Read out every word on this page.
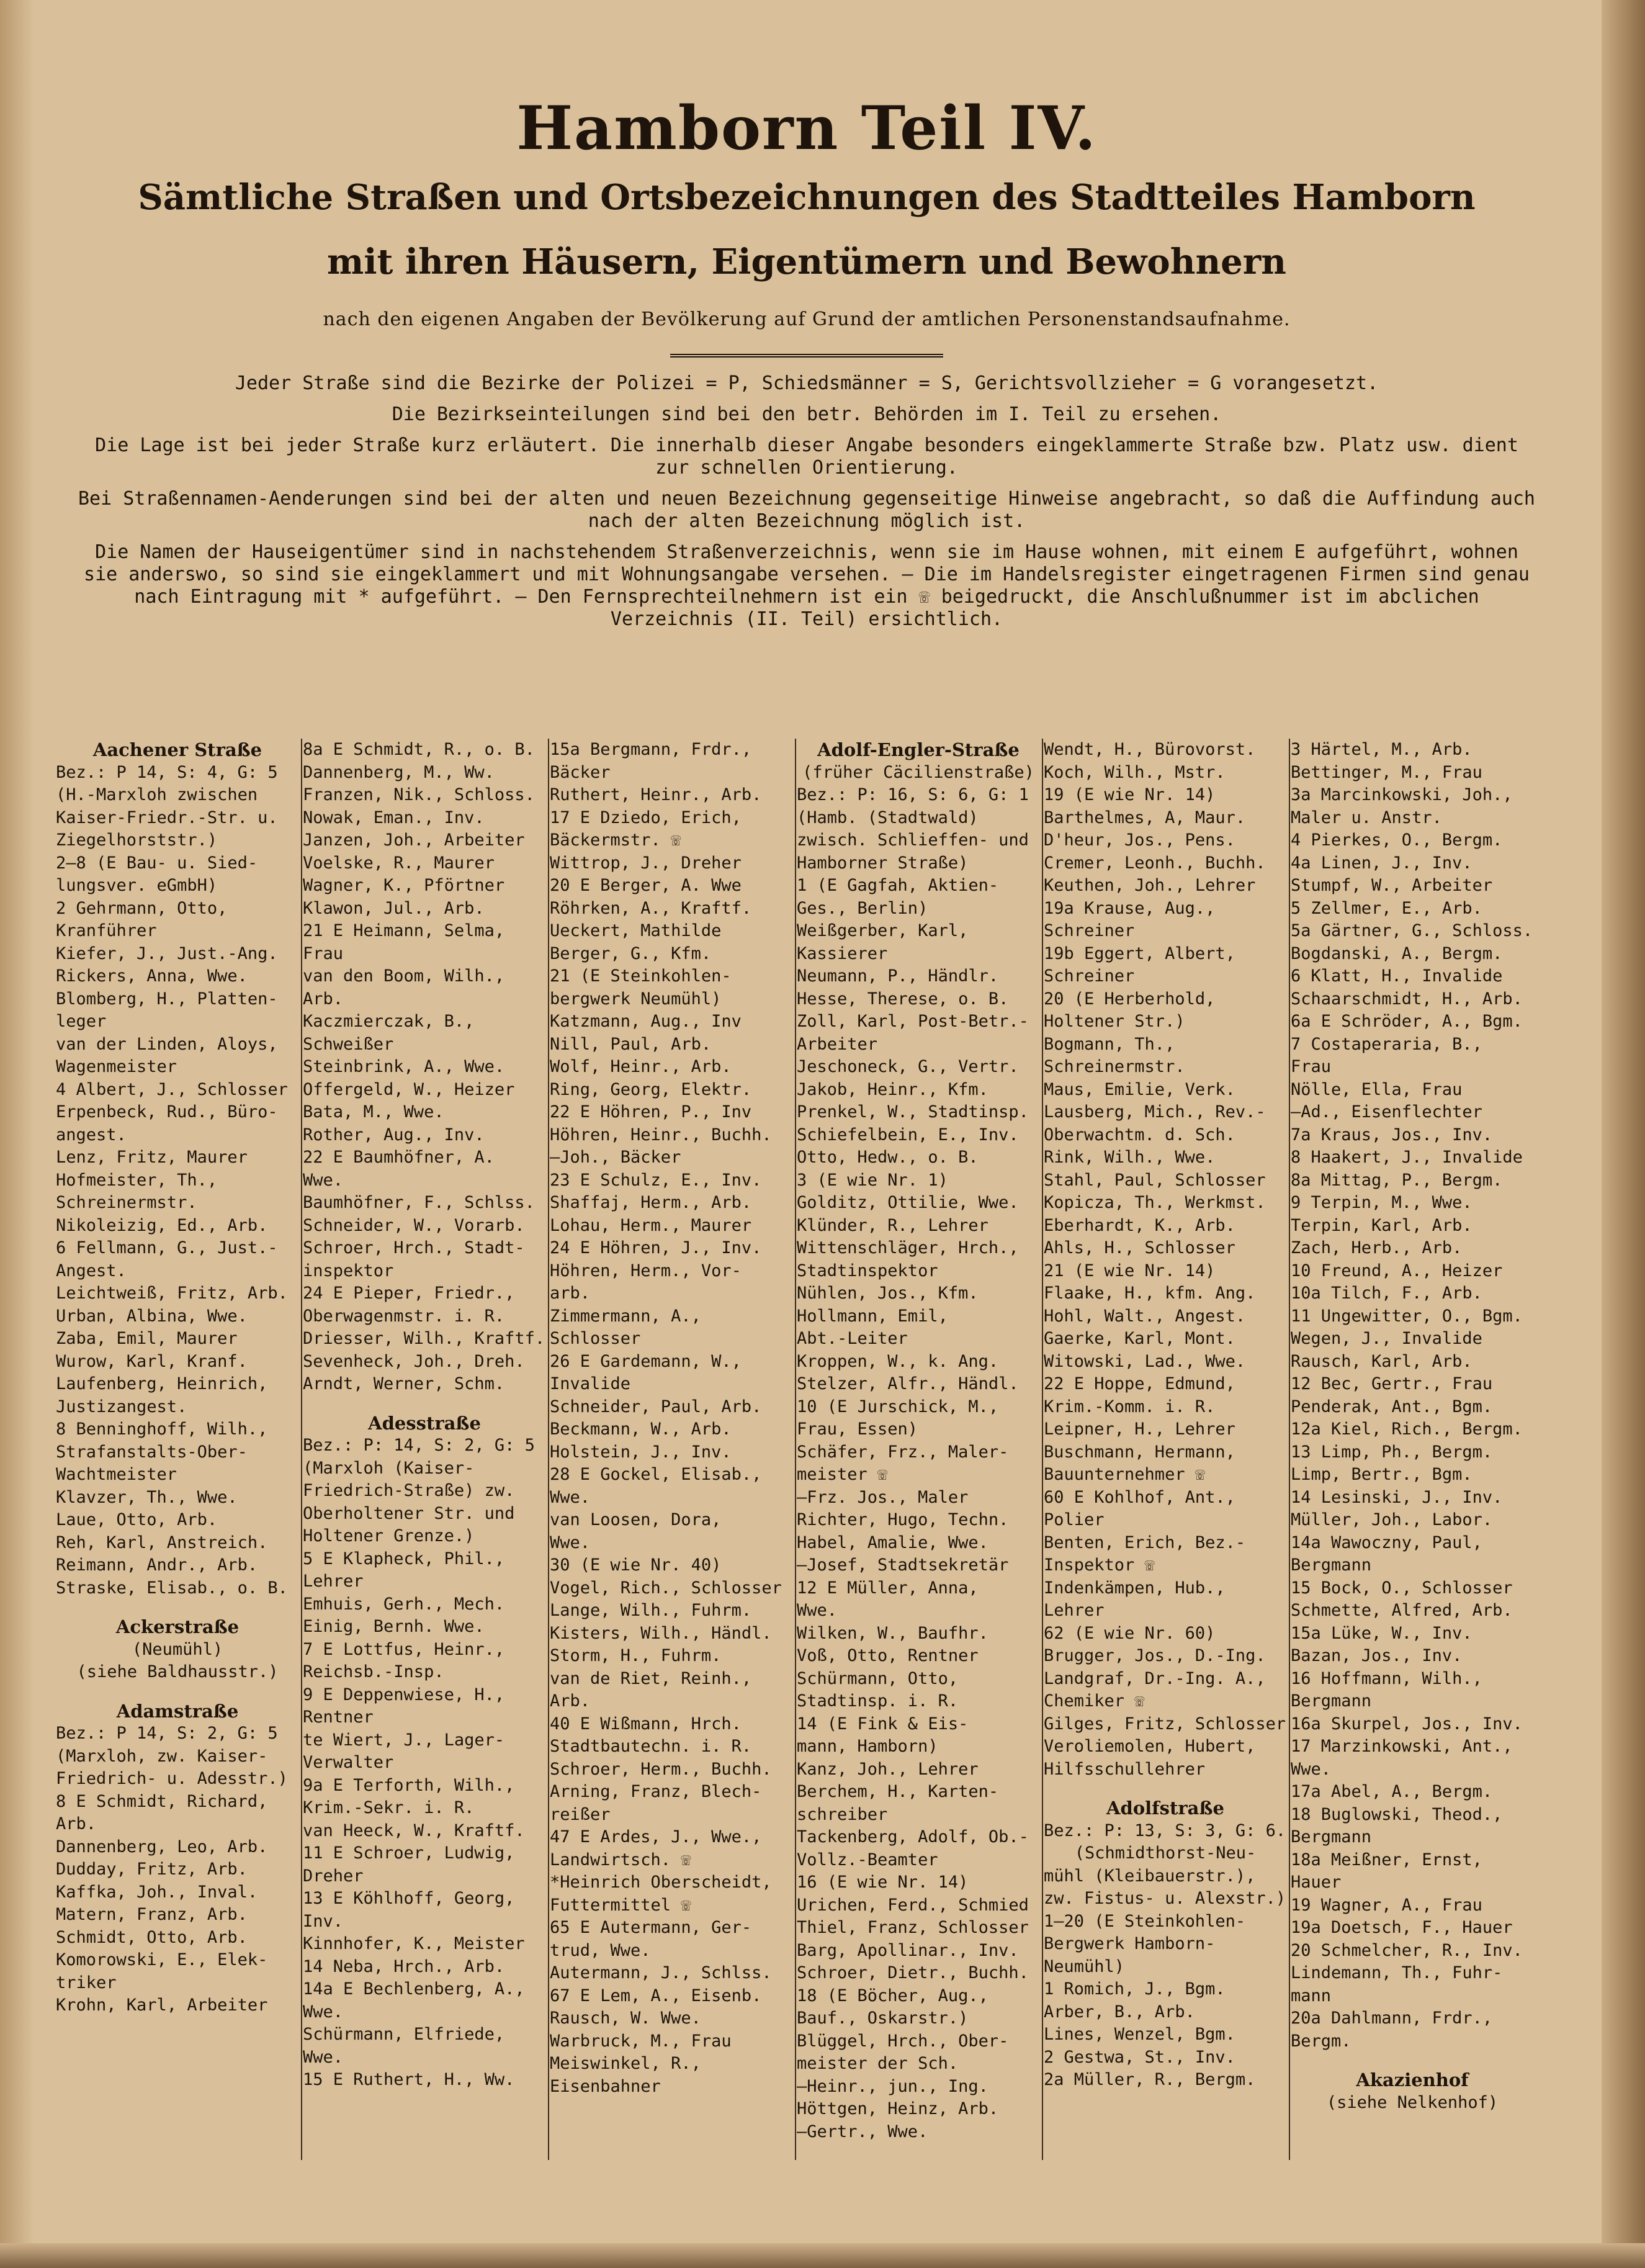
Hamborn Teil IV.
Sämtliche Straßen und Ortsbezeichnungen des Stadtteiles Hamborn
mit ihren Häusern, Eigentümern und Bewohnern
nach den eigenen Angaben der Bevölkerung auf Grund der amtlichen Personenstandsaufnahme.
Jeder Straße sind die Bezirke der Polizei = P, Schiedsmänner = S, Gerichtsvollzieher = G vorangesetzt.
Die Bezirkseinteilungen sind bei den betr. Behörden im I. Teil zu ersehen.
Die Lage ist bei jeder Straße kurz erläutert. Die innerhalb dieser Angabe besonders eingeklammerte Straße bzw. Platz usw. dient zur schnellen Orientierung.
Bei Straßennamen-Aenderungen sind bei der alten und neuen Bezeichnung gegenseitige Hinweise angebracht, so daß die Auffindung auch nach der alten Bezeichnung möglich ist.
Die Namen der Hauseigentümer sind in nachstehendem Straßenverzeichnis, wenn sie im Hause wohnen, mit einem E aufgeführt, wohnen sie anderswo, so sind sie eingeklammert und mit Wohnungsangabe versehen. — Die im Handelsregister eingetragenen Firmen sind genau nach Eintragung mit * aufgeführt. — Den Fernsprechteilnehmern ist ein ☏ beigedruckt, die Anschlußnummer ist im abclichen Verzeichnis (II. Teil) ersichtlich.
Aachener Straße
Bez.: P 14, S: 4, G: 5
(H.-Marxloh zwischen
Kaiser-Friedr.-Str. u.
Ziegelhorststr.)
2—8 (E Bau- u. Sied-
lungsver. eGmbH)
2 Gehrmann, Otto,
Kranführer
Kiefer, J., Just.-Ang.
Rickers, Anna, Wwe.
Blomberg, H., Platten-
leger
van der Linden, Aloys,
Wagenmeister
4 Albert, J., Schlosser
Erpenbeck, Rud., Büro-
angest.
Lenz, Fritz, Maurer
Hofmeister, Th.,
Schreinermstr.
Nikoleizig, Ed., Arb.
6 Fellmann, G., Just.-
Angest.
Leichtweiß, Fritz, Arb.
Urban, Albina, Wwe.
Zaba, Emil, Maurer
Wurow, Karl, Kranf.
Laufenberg, Heinrich,
Justizangest.
8 Benninghoff, Wilh.,
Strafanstalts-Ober-
Wachtmeister
Klavzer, Th., Wwe.
Laue, Otto, Arb.
Reh, Karl, Anstreich.
Reimann, Andr., Arb.
Straske, Elisab., o. B.
Ackerstraße
(Neumühl)
(siehe Baldhausstr.)
Adamstraße
Bez.: P 14, S: 2, G: 5
(Marxloh, zw. Kaiser-
Friedrich- u. Adesstr.)
8 E Schmidt, Richard,
Arb.
Dannenberg, Leo, Arb.
Dudday, Fritz, Arb.
Kaffka, Joh., Inval.
Matern, Franz, Arb.
Schmidt, Otto, Arb.
Komorowski, E., Elek-
triker
Krohn, Karl, Arbeiter
8a E Schmidt, R., o. B.
Dannenberg, M., Ww.
Franzen, Nik., Schloss.
Nowak, Eman., Inv.
Janzen, Joh., Arbeiter
Voelske, R., Maurer
Wagner, K., Pförtner
Klawon, Jul., Arb.
21 E Heimann, Selma,
Frau
van den Boom, Wilh.,
Arb.
Kaczmierczak, B.,
Schweißer
Steinbrink, A., Wwe.
Offergeld, W., Heizer
Bata, M., Wwe.
Rother, Aug., Inv.
22 E Baumhöfner, A.
Wwe.
Baumhöfner, F., Schlss.
Schneider, W., Vorarb.
Schroer, Hrch., Stadt-
inspektor
24 E Pieper, Friedr.,
Oberwagenmstr. i. R.
Driesser, Wilh., Kraftf.
Sevenheck, Joh., Dreh.
Arndt, Werner, Schm.
Adesstraße
Bez.: P: 14, S: 2, G: 5
(Marxloh (Kaiser-
Friedrich-Straße) zw.
Oberholtener Str. und
Holtener Grenze.)
5 E Klapheck, Phil.,
Lehrer
Emhuis, Gerh., Mech.
Einig, Bernh. Wwe.
7 E Lottfus, Heinr.,
Reichsb.-Insp.
9 E Deppenwiese, H.,
Rentner
te Wiert, J., Lager-
Verwalter
9a E Terforth, Wilh.,
Krim.-Sekr. i. R.
van Heeck, W., Kraftf.
11 E Schroer, Ludwig,
Dreher
13 E Köhlhoff, Georg,
Inv.
Kinnhofer, K., Meister
14 Neba, Hrch., Arb.
14a E Bechlenberg, A.,
Wwe.
Schürmann, Elfriede,
Wwe.
15 E Ruthert, H., Ww.
15a Bergmann, Frdr.,
Bäcker
Ruthert, Heinr., Arb.
17 E Dziedo, Erich,
Bäckermstr. ☏
Wittrop, J., Dreher
20 E Berger, A. Wwe
Röhrken, A., Kraftf.
Ueckert, Mathilde
Berger, G., Kfm.
21 (E Steinkohlen-
bergwerk Neumühl)
Katzmann, Aug., Inv
Nill, Paul, Arb.
Wolf, Heinr., Arb.
Ring, Georg, Elektr.
22 E Höhren, P., Inv
Höhren, Heinr., Buchh.
—Joh., Bäcker
23 E Schulz, E., Inv.
Shaffaj, Herm., Arb.
Lohau, Herm., Maurer
24 E Höhren, J., Inv.
Höhren, Herm., Vor-
arb.
Zimmermann, A.,
Schlosser
26 E Gardemann, W.,
Invalide
Schneider, Paul, Arb.
Beckmann, W., Arb.
Holstein, J., Inv.
28 E Gockel, Elisab.,
Wwe.
van Loosen, Dora,
Wwe.
30 (E wie Nr. 40)
Vogel, Rich., Schlosser
Lange, Wilh., Fuhrm.
Kisters, Wilh., Händl.
Storm, H., Fuhrm.
van de Riet, Reinh.,
Arb.
40 E Wißmann, Hrch.
Stadtbautechn. i. R.
Schroer, Herm., Buchh.
Arning, Franz, Blech-
reißer
47 E Ardes, J., Wwe.,
Landwirtsch. ☏
*Heinrich Oberscheidt,
Futtermittel ☏
65 E Autermann, Ger-
trud, Wwe.
Autermann, J., Schlss.
67 E Lem, A., Eisenb.
Rausch, W. Wwe.
Warbruck, M., Frau
Meiswinkel, R.,
Eisenbahner
Adolf-Engler-Straße
(früher Cäcilienstraße)
Bez.: P: 16, S: 6, G: 1
(Hamb. (Stadtwald)
zwisch. Schlieffen- und
Hamborner Straße)
1 (E Gagfah, Aktien-
Ges., Berlin)
Weißgerber, Karl,
Kassierer
Neumann, P., Händlr.
Hesse, Therese, o. B.
Zoll, Karl, Post-Betr.-
Arbeiter
Jeschoneck, G., Vertr.
Jakob, Heinr., Kfm.
Prenkel, W., Stadtinsp.
Schiefelbein, E., Inv.
Otto, Hedw., o. B.
3 (E wie Nr. 1)
Golditz, Ottilie, Wwe.
Klünder, R., Lehrer
Wittenschläger, Hrch.,
Stadtinspektor
Nühlen, Jos., Kfm.
Hollmann, Emil,
Abt.-Leiter
Kroppen, W., k. Ang.
Stelzer, Alfr., Händl.
10 (E Jurschick, M.,
Frau, Essen)
Schäfer, Frz., Maler-
meister ☏
—Frz. Jos., Maler
Richter, Hugo, Techn.
Habel, Amalie, Wwe.
—Josef, Stadtsekretär
12 E Müller, Anna,
Wwe.
Wilken, W., Baufhr.
Voß, Otto, Rentner
Schürmann, Otto,
Stadtinsp. i. R.
14 (E Fink & Eis-
mann, Hamborn)
Kanz, Joh., Lehrer
Berchem, H., Karten-
schreiber
Tackenberg, Adolf, Ob.-
Vollz.-Beamter
16 (E wie Nr. 14)
Urichen, Ferd., Schmied
Thiel, Franz, Schlosser
Barg, Apollinar., Inv.
Schroer, Dietr., Buchh.
18 (E Böcher, Aug.,
Bauf., Oskarstr.)
Blüggel, Hrch., Ober-
meister der Sch.
—Heinr., jun., Ing.
Höttgen, Heinz, Arb.
—Gertr., Wwe.
Wendt, H., Bürovorst.
Koch, Wilh., Mstr.
19 (E wie Nr. 14)
Barthelmes, A, Maur.
D'heur, Jos., Pens.
Cremer, Leonh., Buchh.
Keuthen, Joh., Lehrer
19a Krause, Aug.,
Schreiner
19b Eggert, Albert,
Schreiner
20 (E Herberhold,
Holtener Str.)
Bogmann, Th.,
Schreinermstr.
Maus, Emilie, Verk.
Lausberg, Mich., Rev.-
Oberwachtm. d. Sch.
Rink, Wilh., Wwe.
Stahl, Paul, Schlosser
Kopicza, Th., Werkmst.
Eberhardt, K., Arb.
Ahls, H., Schlosser
21 (E wie Nr. 14)
Flaake, H., kfm. Ang.
Hohl, Walt., Angest.
Gaerke, Karl, Mont.
Witowski, Lad., Wwe.
22 E Hoppe, Edmund,
Krim.-Komm. i. R.
Leipner, H., Lehrer
Buschmann, Hermann,
Bauunternehmer ☏
60 E Kohlhof, Ant.,
Polier
Benten, Erich, Bez.-
Inspektor ☏
Indenkämpen, Hub.,
Lehrer
62 (E wie Nr. 60)
Brugger, Jos., D.-Ing.
Landgraf, Dr.-Ing. A.,
Chemiker ☏
Gilges, Fritz, Schlosser
Veroliemolen, Hubert,
Hilfsschullehrer
Adolfstraße
Bez.: P: 13, S: 3, G: 6.
(Schmidthorst-Neu-
mühl (Kleibauerstr.),
zw. Fistus- u. Alexstr.)
1—20 (E Steinkohlen-
Bergwerk Hamborn-
Neumühl)
1 Romich, J., Bgm.
Arber, B., Arb.
Lines, Wenzel, Bgm.
2 Gestwa, St., Inv.
2a Müller, R., Bergm.
3 Härtel, M., Arb.
Bettinger, M., Frau
3a Marcinkowski, Joh.,
Maler u. Anstr.
4 Pierkes, O., Bergm.
4a Linen, J., Inv.
Stumpf, W., Arbeiter
5 Zellmer, E., Arb.
5a Gärtner, G., Schloss.
Bogdanski, A., Bergm.
6 Klatt, H., Invalide
Schaarschmidt, H., Arb.
6a E Schröder, A., Bgm.
7 Costaperaria, B.,
Frau
Nölle, Ella, Frau
—Ad., Eisenflechter
7a Kraus, Jos., Inv.
8 Haakert, J., Invalide
8a Mittag, P., Bergm.
9 Terpin, M., Wwe.
Terpin, Karl, Arb.
Zach, Herb., Arb.
10 Freund, A., Heizer
10a Tilch, F., Arb.
11 Ungewitter, O., Bgm.
Wegen, J., Invalide
Rausch, Karl, Arb.
12 Bec, Gertr., Frau
Penderak, Ant., Bgm.
12a Kiel, Rich., Bergm.
13 Limp, Ph., Bergm.
Limp, Bertr., Bgm.
14 Lesinski, J., Inv.
Müller, Joh., Labor.
14a Wawoczny, Paul,
Bergmann
15 Bock, O., Schlosser
Schmette, Alfred, Arb.
15a Lüke, W., Inv.
Bazan, Jos., Inv.
16 Hoffmann, Wilh.,
Bergmann
16a Skurpel, Jos., Inv.
17 Marzinkowski, Ant.,
Wwe.
17a Abel, A., Bergm.
18 Buglowski, Theod.,
Bergmann
18a Meißner, Ernst,
Hauer
19 Wagner, A., Frau
19a Doetsch, F., Hauer
20 Schmelcher, R., Inv.
Lindemann, Th., Fuhr-
mann
20a Dahlmann, Frdr.,
Bergm.
Akazienhof
(siehe Nelkenhof)
